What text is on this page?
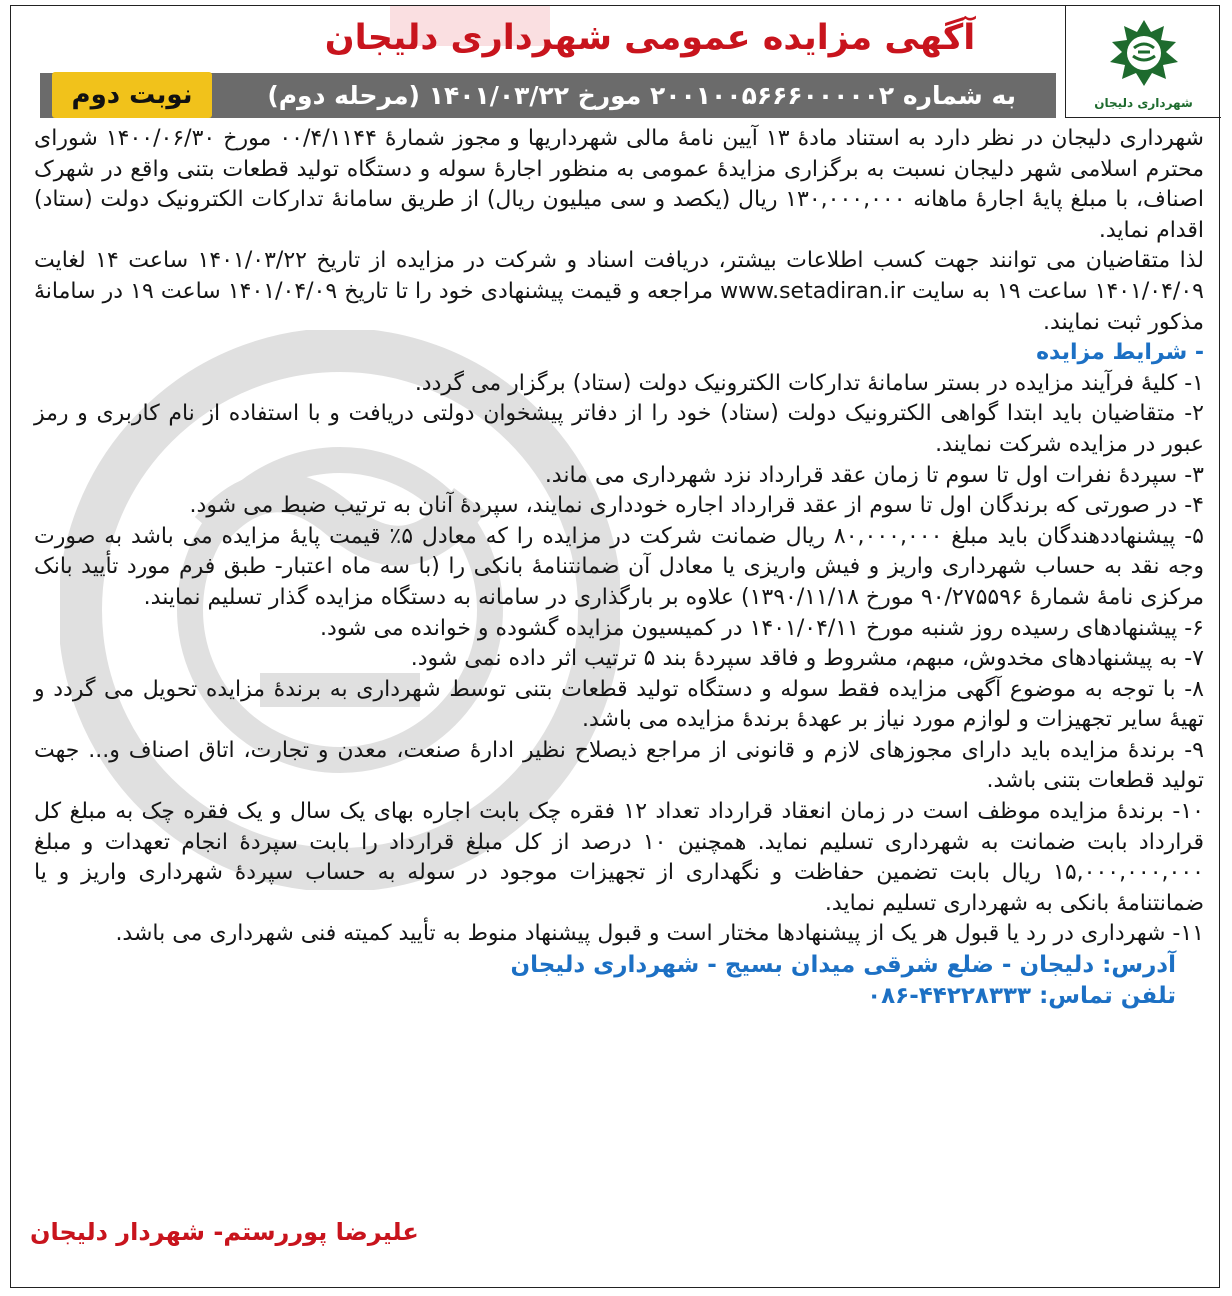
شهرداری دلیجان
آگهی مزایده عمومی شهرداری دلیجان
به شماره ۲۰۰۱۰۰۵۶۶۶۰۰۰۰۰۲ مورخ ۱۴۰۱/۰۳/۲۲ (مرحله دوم)
نوبت دوم

شهرداری دلیجان در نظر دارد به استناد مادهٔ ۱۳ آیین نامهٔ مالی شهرداریها و مجوز شمارهٔ ۰۰/۴/۱۱۴۴ مورخ ۱۴۰۰/۰۶/۳۰ شورای محترم اسلامی شهر دلیجان نسبت به برگزاری مزایدهٔ عمومی به منظور اجارهٔ سوله و دستگاه تولید قطعات بتنی واقع در شهرک اصناف، با مبلغ پایهٔ اجارهٔ ماهانه ۱۳۰,۰۰۰,۰۰۰ ریال (یکصد و سی میلیون ریال) از طریق سامانهٔ تدارکات الکترونیک دولت (ستاد) اقدام نماید.

لذا متقاضیان می توانند جهت کسب اطلاعات بیشتر، دریافت اسناد و شرکت در مزایده از تاریخ ۱۴۰۱/۰۳/۲۲ ساعت ۱۴ لغایت ۱۴۰۱/۰۴/۰۹ ساعت ۱۹ به سایت www.setadiran.ir مراجعه و قیمت پیشنهادی خود را تا تاریخ ۱۴۰۱/۰۴/۰۹ ساعت ۱۹ در سامانهٔ مذکور ثبت نمایند.

- شرایط مزایده

۱- کلیهٔ فرآیند مزایده در بستر سامانهٔ تدارکات الکترونیک دولت (ستاد) برگزار می گردد.

۲- متقاضیان باید ابتدا گواهی الکترونیک دولت (ستاد) خود را از دفاتر پیشخوان دولتی دریافت و با استفاده از نام کاربری و رمز عبور در مزایده شرکت نمایند.

۳- سپردهٔ نفرات اول تا سوم تا زمان عقد قرارداد نزد شهرداری می ماند.

۴- در صورتی که برندگان اول تا سوم از عقد قرارداد اجاره خودداری نمایند، سپردهٔ آنان به ترتیب ضبط می شود.

۵- پیشنهاددهندگان باید مبلغ ۸۰,۰۰۰,۰۰۰ ریال ضمانت شرکت در مزایده را که معادل ۵٪ قیمت پایهٔ مزایده می باشد به صورت وجه نقد به حساب شهرداری واریز و فیش واریزی یا معادل آن ضمانتنامهٔ بانکی را (با سه ماه اعتبار- طبق فرم مورد تأیید بانک مرکزی نامهٔ شمارهٔ ۹۰/۲۷۵۵۹۶ مورخ ۱۳۹۰/۱۱/۱۸) علاوه بر بارگذاری در سامانه به دستگاه مزایده گذار تسلیم نمایند.

۶- پیشنهادهای رسیده روز شنبه مورخ ۱۴۰۱/۰۴/۱۱ در کمیسیون مزایده گشوده و خوانده می شود.

۷- به پیشنهادهای مخدوش، مبهم، مشروط و فاقد سپردهٔ بند ۵ ترتیب اثر داده نمی شود.

۸- با توجه به موضوع آگهی مزایده فقط سوله و دستگاه تولید قطعات بتنی توسط شهرداری به برندهٔ مزایده تحویل می گردد و تهیهٔ سایر تجهیزات و لوازم مورد نیاز بر عهدهٔ برندهٔ مزایده می باشد.

۹- برندهٔ مزایده باید دارای مجوزهای لازم و قانونی از مراجع ذیصلاح نظیر ادارهٔ صنعت، معدن و تجارت، اتاق اصناف و... جهت تولید قطعات بتنی باشد.

۱۰- برندهٔ مزایده موظف است در زمان انعقاد قرارداد تعداد ۱۲ فقره چک بابت اجاره بهای یک سال و یک فقره چک به مبلغ کل قرارداد بابت ضمانت به شهرداری تسلیم نماید. همچنین ۱۰ درصد از کل مبلغ قرارداد را بابت سپردهٔ انجام تعهدات و مبلغ ۱۵,۰۰۰,۰۰۰,۰۰۰ ریال بابت تضمین حفاظت و نگهداری از تجهیزات موجود در سوله به حساب سپردهٔ شهرداری واریز و یا ضمانتنامهٔ بانکی به شهرداری تسلیم نماید.

۱۱- شهرداری در رد یا قبول هر یک از پیشنهادها مختار است و قبول پیشنهاد منوط به تأیید کمیته فنی شهرداری می باشد.

آدرس: دلیجان - ضلع شرقی میدان بسیج - شهرداری دلیجان

تلفن تماس: ۴۴۲۲۸۳۳۳-۰۸۶

علیرضا پوررستم- شهردار دلیجان
